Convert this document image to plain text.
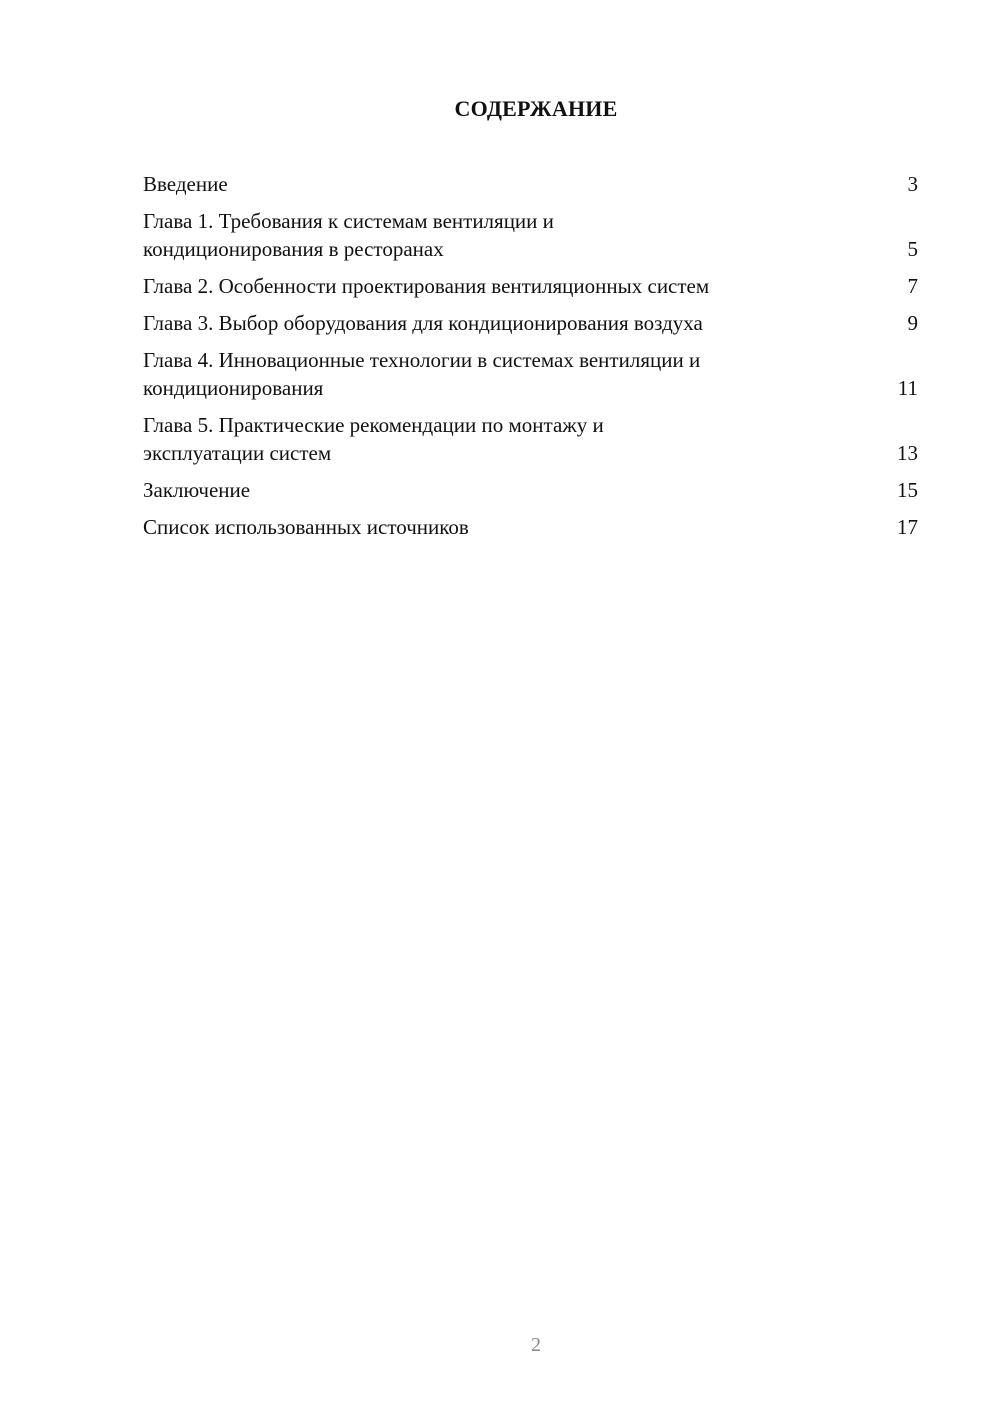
СОДЕРЖАНИЕ
Введение	3
Глава 1. Требования к системам вентиляции и кондиционирования в ресторанах	5
Глава 2. Особенности проектирования вентиляционных систем	7
Глава 3. Выбор оборудования для кондиционирования воздуха	9
Глава 4. Инновационные технологии в системах вентиляции и кондиционирования	11
Глава 5. Практические рекомендации по монтажу и эксплуатации систем	13
Заключение	15
Список использованных источников	17
2
